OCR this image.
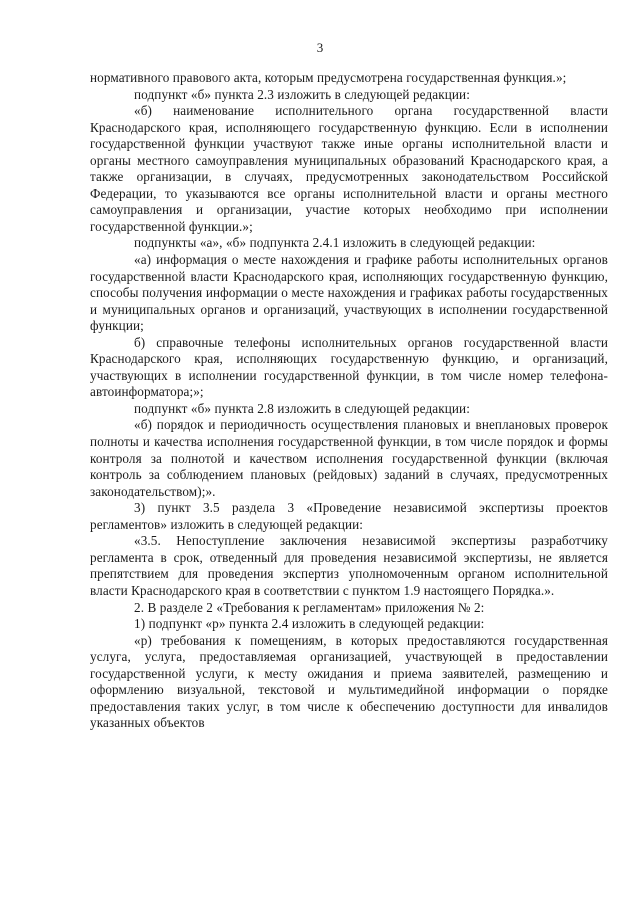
3

нормативного правового акта, которым предусмотрена государственная функция.»;

подпункт «б» пункта 2.3 изложить в следующей редакции:

«б) наименование исполнительного органа государственной власти Краснодарского края, исполняющего государственную функцию. Если в исполнении государственной функции участвуют также иные органы исполнительной власти и органы местного самоуправления муниципальных образований Краснодарского края, а также организации, в случаях, предусмотренных законодательством Российской Федерации, то указываются все органы исполнительной власти и органы местного самоуправления и организации, участие которых необходимо при исполнении государственной функции.»;

подпункты «а», «б» подпункта 2.4.1 изложить в следующей редакции:

«а) информация о месте нахождения и графике работы исполнительных органов государственной власти Краснодарского края, исполняющих государственную функцию, способы получения информации о месте нахождения и графиках работы государственных и муниципальных органов и организаций, участвующих в исполнении государственной функции;

б) справочные телефоны исполнительных органов государственной власти Краснодарского края, исполняющих государственную функцию, и организаций, участвующих в исполнении государственной функции, в том числе номер телефона-автоинформатора;»;

подпункт «б» пункта 2.8 изложить в следующей редакции:

«б) порядок и периодичность осуществления плановых и внеплановых проверок полноты и качества исполнения государственной функции, в том числе порядок и формы контроля за полнотой и качеством исполнения государственной функции (включая контроль за соблюдением плановых (рейдовых) заданий в случаях, предусмотренных законодательством);».

3) пункт 3.5 раздела 3 «Проведение независимой экспертизы проектов регламентов» изложить в следующей редакции:

«3.5. Непоступление заключения независимой экспертизы разработчику регламента в срок, отведенный для проведения независимой экспертизы, не является препятствием для проведения экспертиз уполномоченным органом исполнительной власти Краснодарского края в соответствии с пунктом 1.9 настоящего Порядка.».

2. В разделе 2 «Требования к регламентам» приложения № 2:

1) подпункт «р» пункта 2.4 изложить в следующей редакции:

«р) требования к помещениям, в которых предоставляются государственная услуга, услуга, предоставляемая организацией, участвующей в предоставлении государственной услуги, к месту ожидания и приема заявителей, размещению и оформлению визуальной, текстовой и мультимедийной информации о порядке предоставления таких услуг, в том числе к обеспечению доступности для инвалидов указанных объектов
